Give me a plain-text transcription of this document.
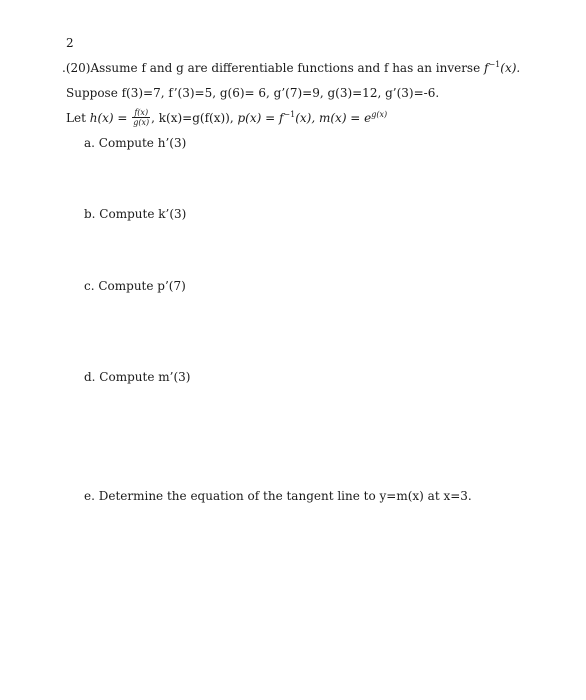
2
.(20)Assume f and g are differentiable functions and f has an inverse $f^{-1}(x)$.
Suppose f(3)=7, f’(3)=5, g(6)= 6, g’(7)=9, g(3)=12, g’(3)=-6.
Let $h(x) = \frac{f(x)}{g(x)}$ , k(x)=g(f(x)), $p(x) = f^{-1}(x)$, $m(x) = e^{g(x)}$
a. Compute h’(3)
b. Compute k’(3)
c. Compute p’(7)
d. Compute m’(3)
e. Determine the equation of the tangent line to y=m(x) at x=3.
